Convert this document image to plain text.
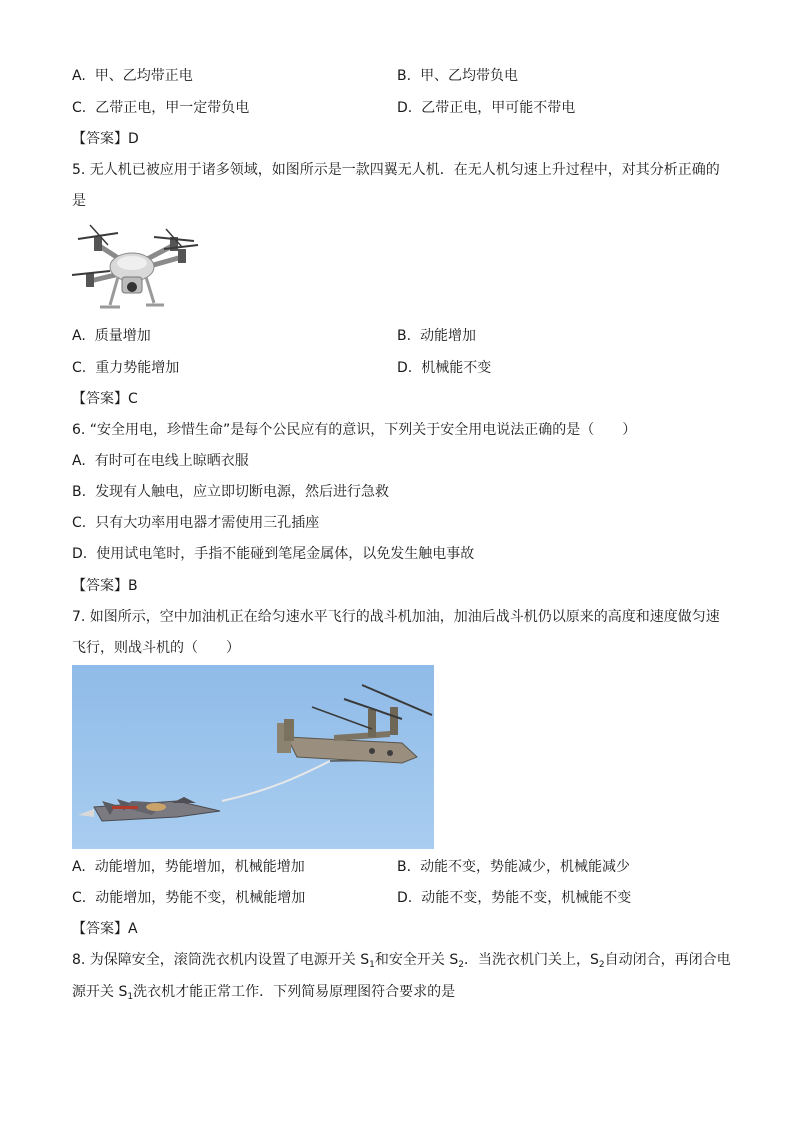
A. 甲、乙均带正电	B. 甲、乙均带负电
C. 乙带正电，甲一定带负电	D. 乙带正电，甲可能不带电
【答案】D
5. 无人机已被应用于诸多领域，如图所示是一款四翼无人机．在无人机匀速上升过程中，对其分析正确的
是
A. 质量增加	B. 动能增加
C. 重力势能增加	D. 机械能不变
【答案】C
6. “安全用电，珍惜生命”是每个公民应有的意识，下列关于安全用电说法正确的是（　　）
A. 有时可在电线上晾晒衣服
B. 发现有人触电，应立即切断电源，然后进行急救
C. 只有大功率用电器才需使用三孔插座
D. 使用试电笔时，手指不能碰到笔尾金属体，以免发生触电事故
【答案】B
7. 如图所示，空中加油机正在给匀速水平飞行的战斗机加油，加油后战斗机仍以原来的高度和速度做匀速
飞行，则战斗机的（　　）
A. 动能增加，势能增加，机械能增加	B. 动能不变，势能减少，机械能减少
C. 动能增加，势能不变，机械能增加	D. 动能不变，势能不变，机械能不变
【答案】A
8. 为保障安全，滚筒洗衣机内设置了电源开关 $S_1$和安全开关 $S_2$．当洗衣机门关上，$S_2$自动闭合，再闭合电
源开关 $S_1$洗衣机才能正常工作．下列简易原理图符合要求的是
